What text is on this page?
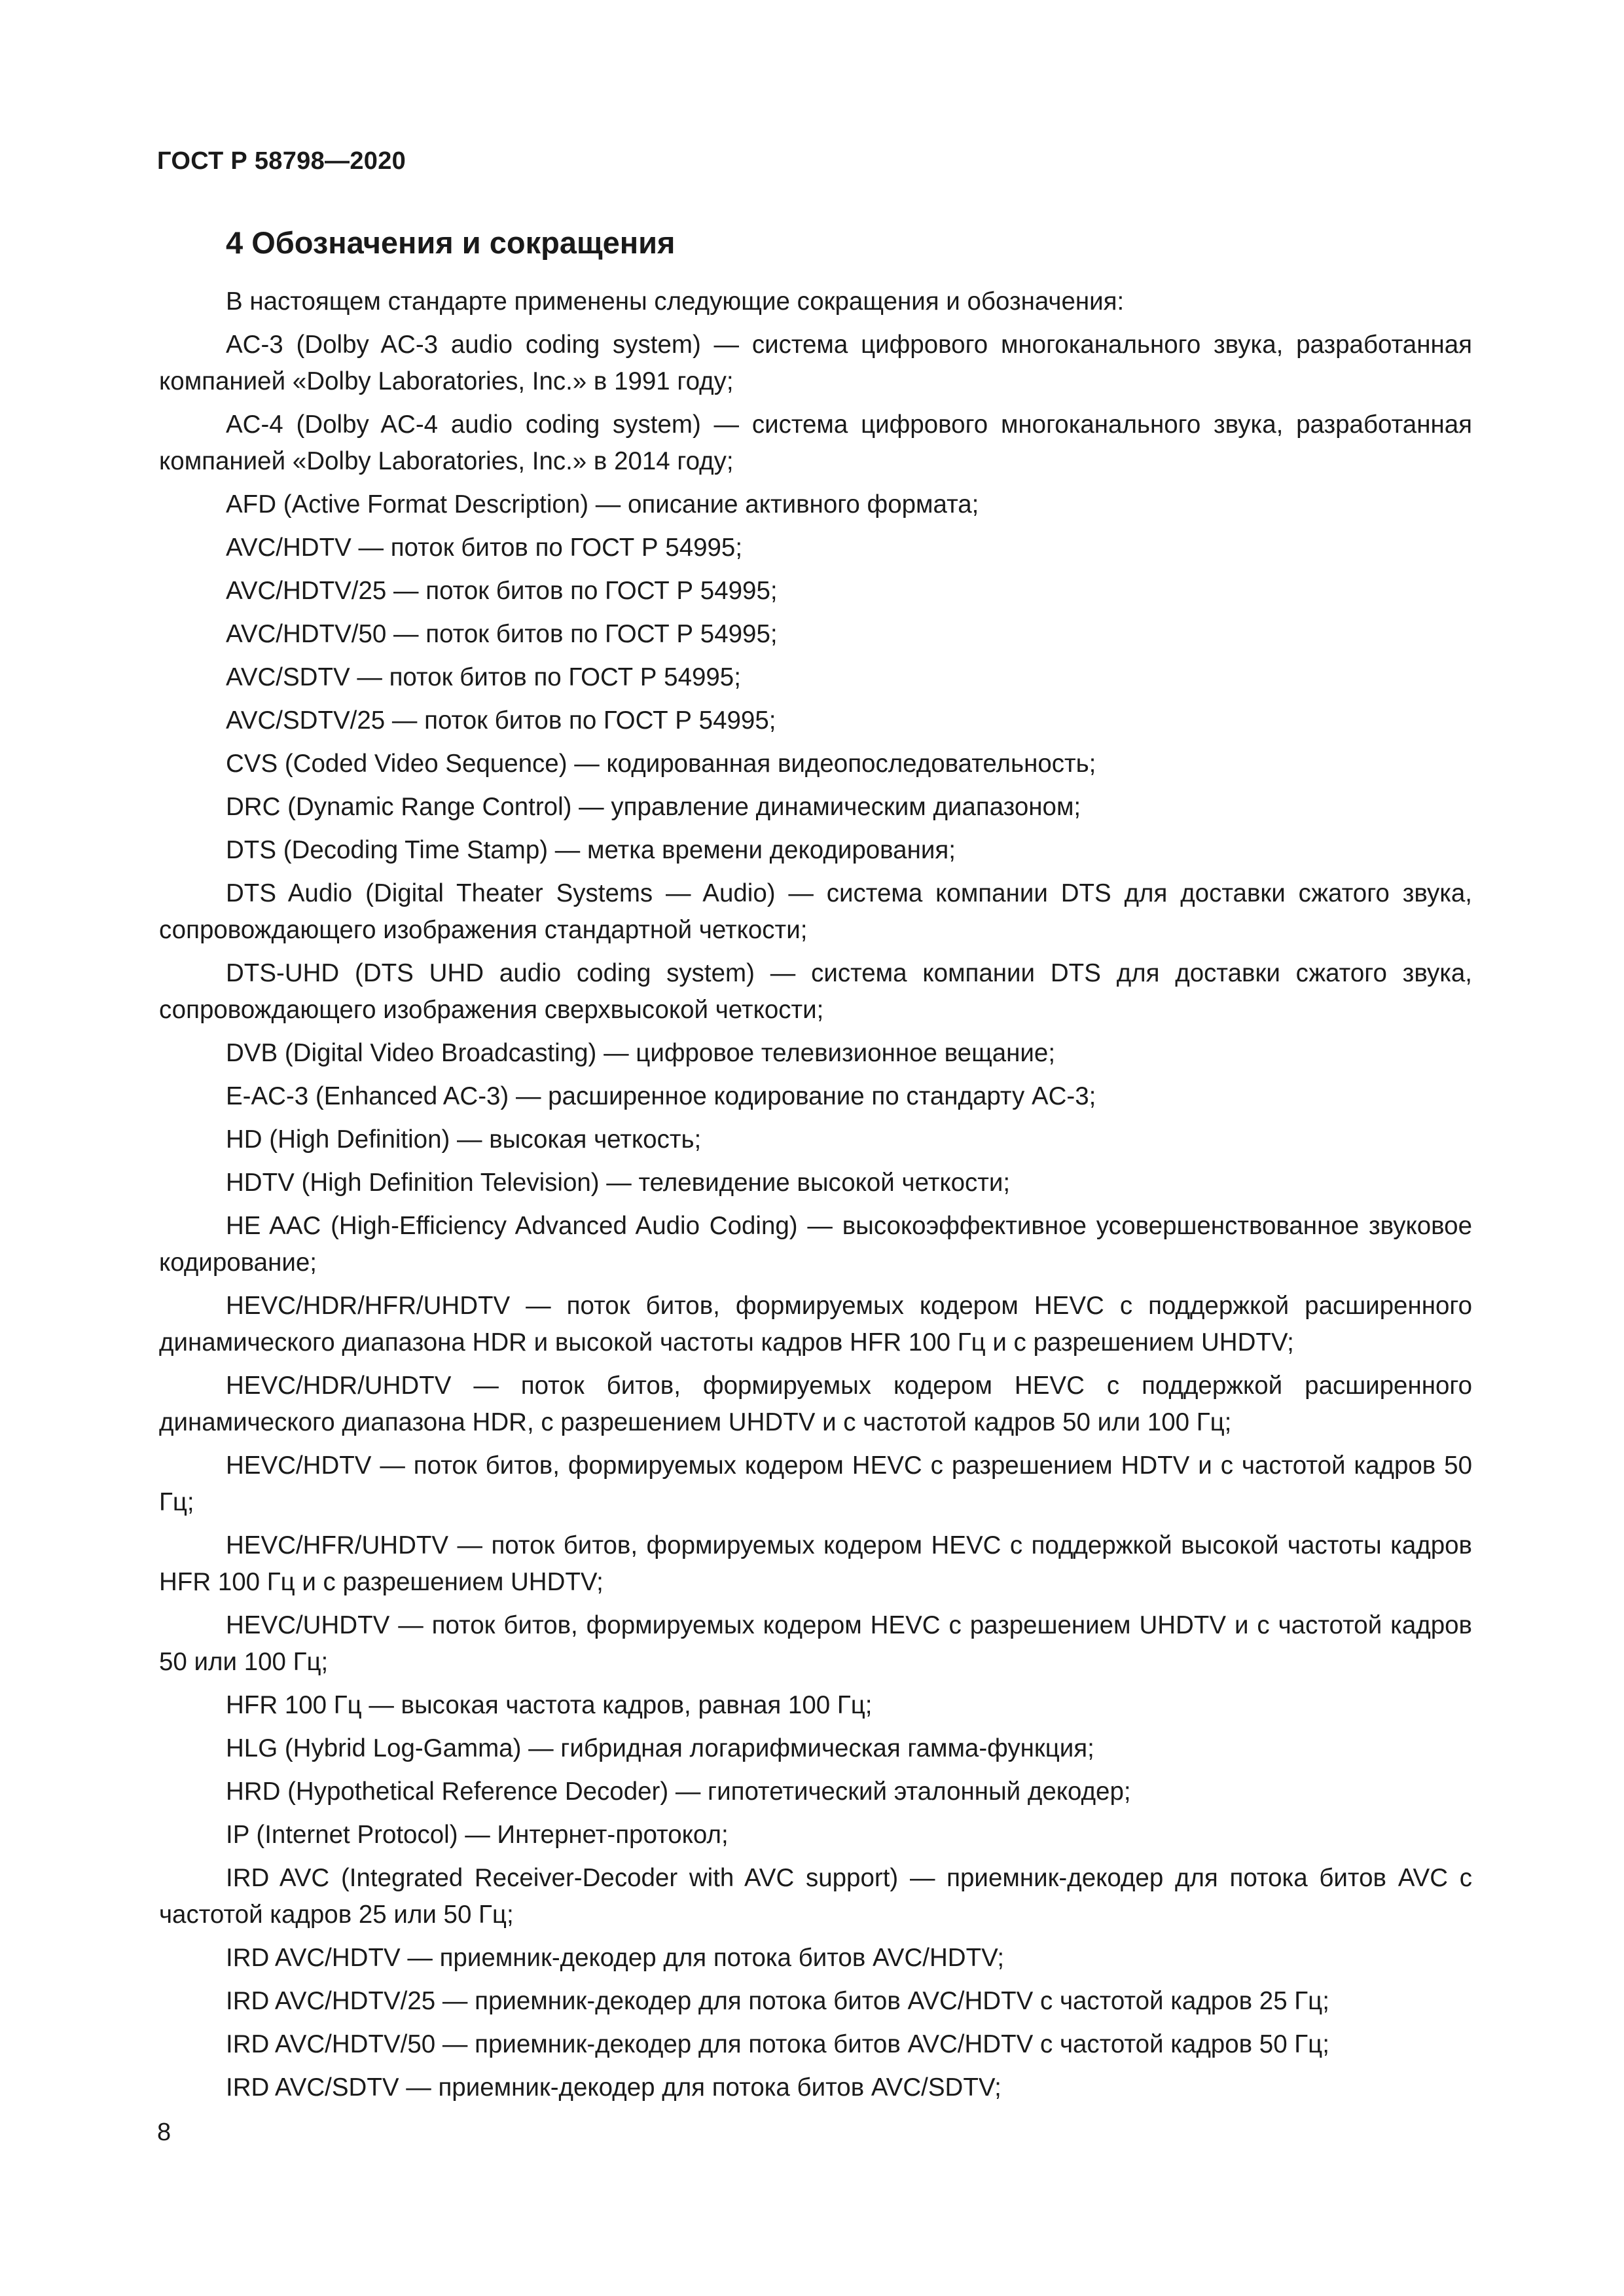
ГОСТ Р 58798—2020
4 Обозначения и сокращения

В настоящем стандарте применены следующие сокращения и обозначения:

AC-3 (Dolby AC-3 audio coding system) — система цифрового многоканального звука, разработанная компанией «Dolby Laboratories, Inc.» в 1991 году;

AC-4 (Dolby AC-4 audio coding system) — система цифрового многоканального звука, разработанная компанией «Dolby Laboratories, Inc.» в 2014 году;

AFD (Active Format Description) — описание активного формата;

AVC/HDTV — поток битов по ГОСТ Р 54995;

AVC/HDTV/25 — поток битов по ГОСТ Р 54995;

AVC/HDTV/50 — поток битов по ГОСТ Р 54995;

AVC/SDTV — поток битов по ГОСТ Р 54995;

AVC/SDTV/25 — поток битов по ГОСТ Р 54995;

CVS (Coded Video Sequence) — кодированная видеопоследовательность;

DRC (Dynamic Range Control) — управление динамическим диапазоном;

DTS (Decoding Time Stamp) — метка времени декодирования;

DTS Audio (Digital Theater Systems — Audio) — система компании DTS для доставки сжатого звука, сопровождающего изображения стандартной четкости;

DTS-UHD (DTS UHD audio coding system) — система компании DTS для доставки сжатого звука, сопровождающего изображения сверхвысокой четкости;

DVB (Digital Video Broadcasting) — цифровое телевизионное вещание;

E-AC-3 (Enhanced AC-3) — расширенное кодирование по стандарту AC-3;

HD (High Definition) — высокая четкость;

HDTV (High Definition Television) — телевидение высокой четкости;

HE AAC (High-Efficiency Advanced Audio Coding) — высокоэффективное усовершенствованное звуковое кодирование;

HEVC/HDR/HFR/UHDTV — поток битов, формируемых кодером HEVC с поддержкой расширенного динамического диапазона HDR и высокой частоты кадров HFR 100 Гц и с разрешением UHDTV;

HEVC/HDR/UHDTV — поток битов, формируемых кодером HEVC с поддержкой расширенного динамического диапазона HDR, с разрешением UHDTV и с частотой кадров 50 или 100 Гц;

HEVC/HDTV — поток битов, формируемых кодером HEVC с разрешением HDTV и с частотой кадров 50 Гц;

HEVC/HFR/UHDTV — поток битов, формируемых кодером HEVC с поддержкой высокой частоты кадров HFR 100 Гц и с разрешением UHDTV;

HEVC/UHDTV — поток битов, формируемых кодером HEVC с разрешением UHDTV и с частотой кадров 50 или 100 Гц;

HFR 100 Гц — высокая частота кадров, равная 100 Гц;

HLG (Hybrid Log-Gamma) — гибридная логарифмическая гамма-функция;

HRD (Hypothetical Reference Decoder) — гипотетический эталонный декодер;

IP (Internet Protocol) — Интернет-протокол;

IRD AVC (Integrated Receiver-Decoder with AVC support) — приемник-декодер для потока битов AVC с частотой кадров 25 или 50 Гц;

IRD AVC/HDTV — приемник-декодер для потока битов AVC/HDTV;

IRD AVC/HDTV/25 — приемник-декодер для потока битов AVC/HDTV с частотой кадров 25 Гц;

IRD AVC/HDTV/50 — приемник-декодер для потока битов AVC/HDTV с частотой кадров 50 Гц;

IRD AVC/SDTV — приемник-декодер для потока битов AVC/SDTV;

8
